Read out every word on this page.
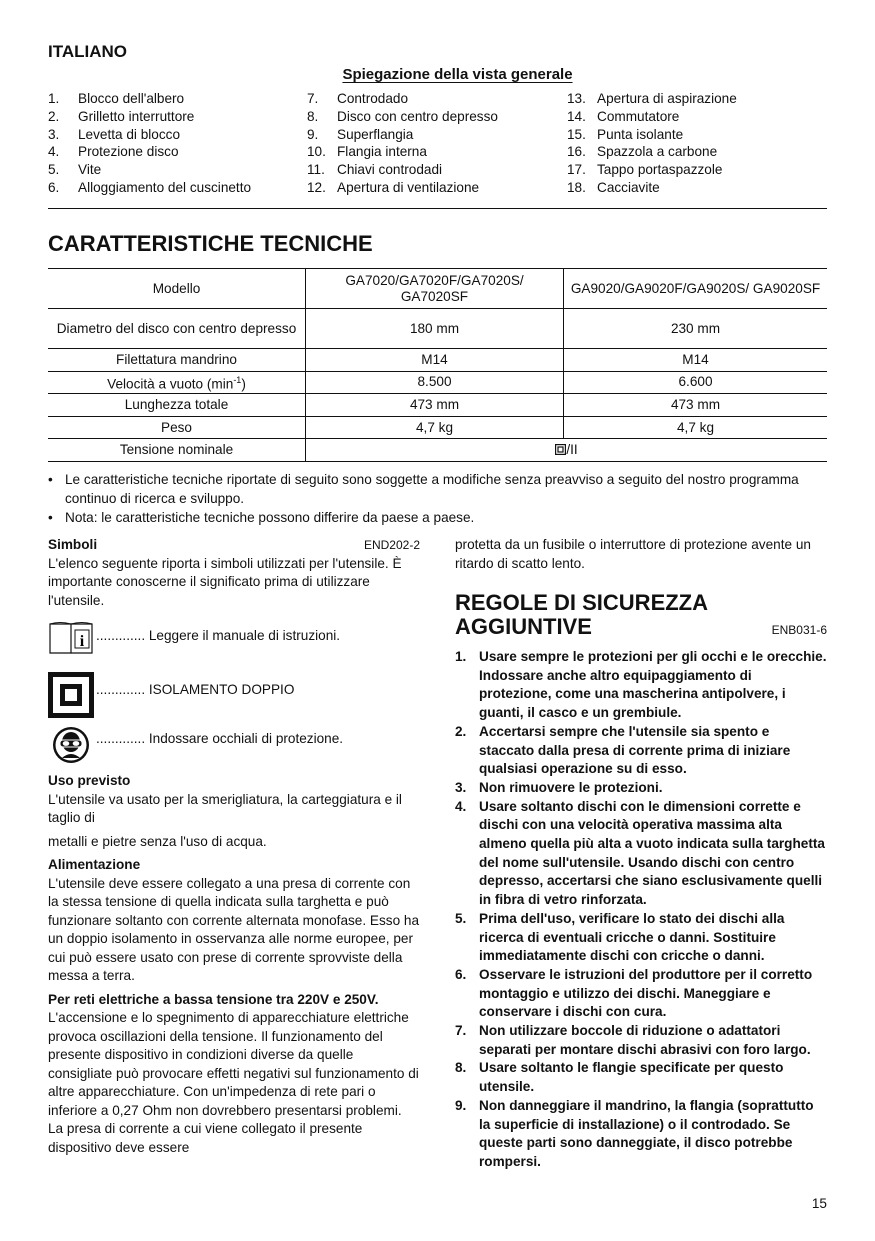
ITALIANO
Spiegazione della vista generale
1. Blocco dell'albero
2. Grilletto interruttore
3. Levetta di blocco
4. Protezione disco
5. Vite
6. Alloggiamento del cuscinetto
7. Controdado
8. Disco con centro depresso
9. Superflangia
10. Flangia interna
11. Chiavi controdadi
12. Apertura di ventilazione
13. Apertura di aspirazione
14. Commutatore
15. Punta isolante
16. Spazzola a carbone
17. Tappo portaspazzole
18. Cacciavite
CARATTERISTICHE TECNICHE
Modello	GA7020/GA7020F/GA7020S/ GA7020SF	GA9020/GA9020F/GA9020S/ GA9020SF
Diametro del disco con centro depresso	180 mm	230 mm
Filettatura mandrino	M14	M14
Velocità a vuoto $(\min^{-1})$	8.500	6.600
Lunghezza totale	473 mm	473 mm
Peso	4,7 kg	4,7 kg
Tensione nominale	/II	
• Le caratteristiche tecniche riportate di seguito sono soggette a modifiche senza preavviso a seguito del nostro programma continuo di ricerca e sviluppo.
• Nota: le caratteristiche tecniche possono differire da paese a paese.
Simboli	END202-2

L'elenco seguente riporta i simboli utilizzati per l'utensile. È importante conoscerne il significato prima di utilizzare l'utensile.

i ............. Leggere il manuale di istruzioni.
............. ISOLAMENTO DOPPIO
............. Indossare occhiali di protezione.

Uso previsto

L'utensile va usato per la smerigliatura, la carteggiatura e il taglio di

metalli e pietre senza l'uso di acqua.

Alimentazione

L'utensile deve essere collegato a una presa di corrente con la stessa tensione di quella indicata sulla targhetta e può funzionare soltanto con corrente alternata monofase. Esso ha un doppio isolamento in osservanza alle norme europee, per cui può essere usato con prese di corrente sprovviste della messa a terra.

Per reti elettriche a bassa tensione tra 220V e 250V.

L'accensione e lo spegnimento di apparecchiature elettriche provoca oscillazioni della tensione. Il funzionamento del presente dispositivo in condizioni diverse da quelle consigliate può provocare effetti negativi sul funzionamento di altre apparecchiature. Con un'impedenza di rete pari o inferiore a 0,27 Ohm non dovrebbero presentarsi problemi. La presa di corrente a cui viene collegato il presente dispositivo deve essere

protetta da un fusibile o interruttore di protezione avente un ritardo di scatto lento.
REGOLE DI SICUREZZA
AGGIUNTIVE	ENB031-6
1. Usare sempre le protezioni per gli occhi e le orecchie. Indossare anche altro equipaggiamento di protezione, come una mascherina antipolvere, i guanti, il casco e un grembiule.
2. Accertarsi sempre che l'utensile sia spento e staccato dalla presa di corrente prima di iniziare qualsiasi operazione su di esso.
3. Non rimuovere le protezioni.
4. Usare soltanto dischi con le dimensioni corrette e dischi con una velocità operativa massima alta almeno quella più alta a vuoto indicata sulla targhetta del nome sull'utensile. Usando dischi con centro depresso, accertarsi che siano esclusivamente quelli in fibra di vetro rinforzata.
5. Prima dell'uso, verificare lo stato dei dischi alla ricerca di eventuali cricche o danni. Sostituire immediatamente dischi con cricche o danni.
6. Osservare le istruzioni del produttore per il corretto montaggio e utilizzo dei dischi. Maneggiare e conservare i dischi con cura.
7. Non utilizzare boccole di riduzione o adattatori separati per montare dischi abrasivi con foro largo.
8. Usare soltanto le flangie specificate per questo utensile.
9. Non danneggiare il mandrino, la flangia (soprattutto la superficie di installazione) o il controdado. Se queste parti sono danneggiate, il disco potrebbe rompersi.
15
